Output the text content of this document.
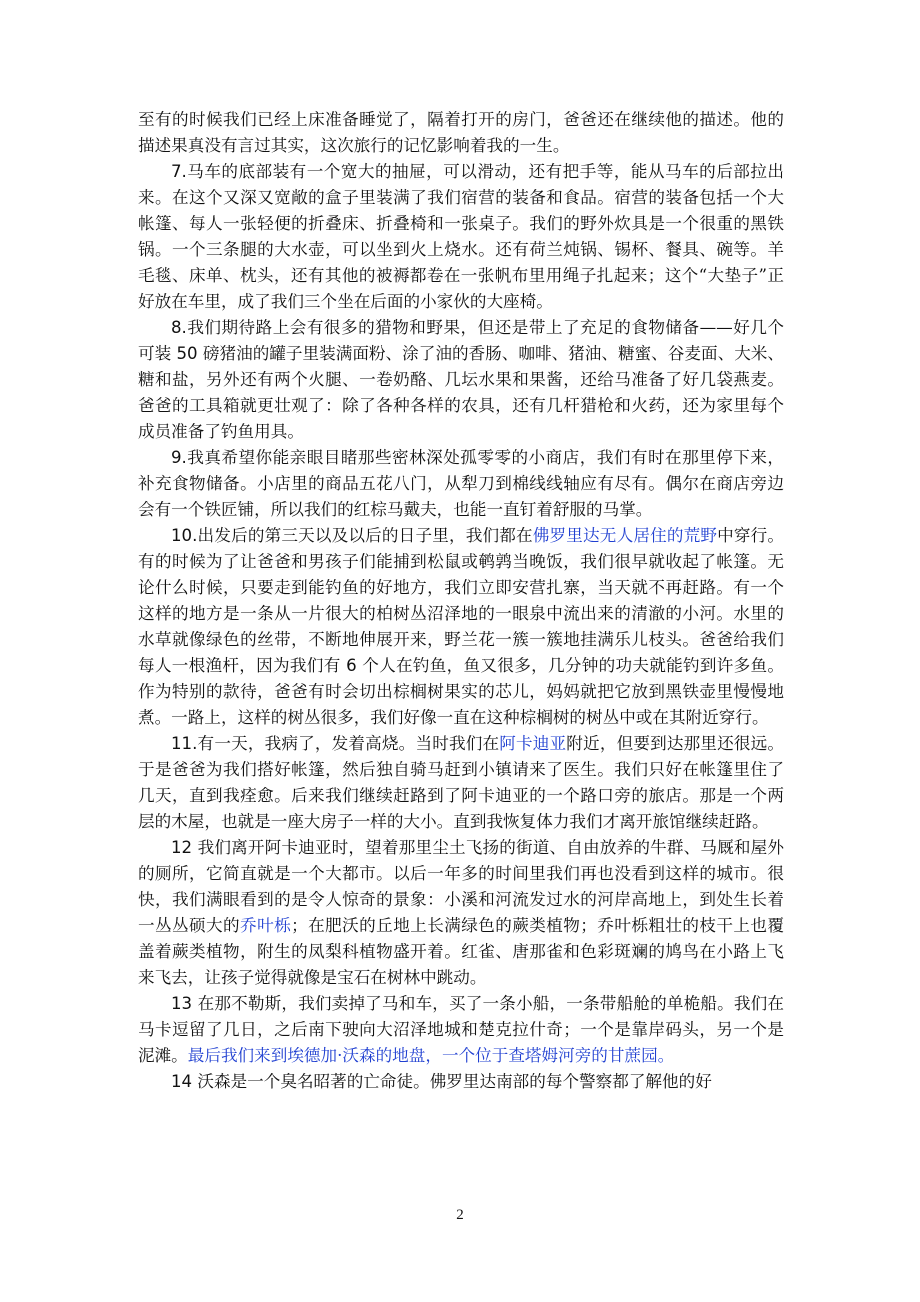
至有的时候我们已经上床准备睡觉了，隔着打开的房门，爸爸还在继续他的描述。他的描述果真没有言过其实，这次旅行的记忆影响着我的一生。

7.马车的底部装有一个宽大的抽屉，可以滑动，还有把手等，能从马车的后部拉出来。在这个又深又宽敞的盒子里装满了我们宿营的装备和食品。宿营的装备包括一个大帐篷、每人一张轻便的折叠床、折叠椅和一张桌子。我们的野外炊具是一个很重的黑铁锅。一个三条腿的大水壶，可以坐到火上烧水。还有荷兰炖锅、锡杯、餐具、碗等。羊毛毯、床单、枕头，还有其他的被褥都卷在一张帆布里用绳子扎起来；这个“大垫子”正好放在车里，成了我们三个坐在后面的小家伙的大座椅。

8.我们期待路上会有很多的猎物和野果，但还是带上了充足的食物储备——好几个可装 50 磅猪油的罐子里装满面粉、涂了油的香肠、咖啡、猪油、糖蜜、谷麦面、大米、糖和盐，另外还有两个火腿、一卷奶酪、几坛水果和果酱，还给马准备了好几袋燕麦。爸爸的工具箱就更壮观了：除了各种各样的农具，还有几杆猎枪和火药，还为家里每个成员准备了钓鱼用具。

9.我真希望你能亲眼目睹那些密林深处孤零零的小商店，我们有时在那里停下来，补充食物储备。小店里的商品五花八门，从犁刀到棉线线轴应有尽有。偶尔在商店旁边会有一个铁匠铺，所以我们的红棕马戴夫，也能一直钉着舒服的马掌。

10.出发后的第三天以及以后的日子里，我们都在佛罗里达无人居住的荒野中穿行。有的时候为了让爸爸和男孩子们能捕到松鼠或鹌鹑当晚饭，我们很早就收起了帐篷。无论什么时候，只要走到能钓鱼的好地方，我们立即安营扎寨，当天就不再赶路。有一个这样的地方是一条从一片很大的柏树丛沼泽地的一眼泉中流出来的清澈的小河。水里的水草就像绿色的丝带，不断地伸展开来，野兰花一簇一簇地挂满乐儿枝头。爸爸给我们每人一根渔杆，因为我们有 6 个人在钓鱼，鱼又很多，几分钟的功夫就能钓到许多鱼。作为特别的款待，爸爸有时会切出棕榈树果实的芯儿，妈妈就把它放到黑铁壶里慢慢地煮。一路上，这样的树丛很多，我们好像一直在这种棕榈树的树丛中或在其附近穿行。

11.有一天，我病了，发着高烧。当时我们在阿卡迪亚附近，但要到达那里还很远。于是爸爸为我们搭好帐篷，然后独自骑马赶到小镇请来了医生。我们只好在帐篷里住了几天，直到我痊愈。后来我们继续赶路到了阿卡迪亚的一个路口旁的旅店。那是一个两层的木屋，也就是一座大房子一样的大小。直到我恢复体力我们才离开旅馆继续赶路。

12 我们离开阿卡迪亚时，望着那里尘土飞扬的街道、自由放养的牛群、马厩和屋外的厕所，它简直就是一个大都市。以后一年多的时间里我们再也没看到这样的城市。很快，我们满眼看到的是令人惊奇的景象：小溪和河流发过水的河岸高地上，到处生长着一丛丛硕大的乔叶栎；在肥沃的丘地上长满绿色的蕨类植物；乔叶栎粗壮的枝干上也覆盖着蕨类植物，附生的凤梨科植物盛开着。红雀、唐那雀和色彩斑斓的鸠鸟在小路上飞来飞去，让孩子觉得就像是宝石在树林中跳动。

13 在那不勒斯，我们卖掉了马和车，买了一条小船，一条带船舱的单桅船。我们在马卡逗留了几日，之后南下驶向大沼泽地城和楚克拉什奇；一个是靠岸码头，另一个是泥滩。最后我们来到埃德加·沃森的地盘，一个位于查塔姆河旁的甘蔗园。

14 沃森是一个臭名昭著的亡命徒。佛罗里达南部的每个警察都了解他的好

2
